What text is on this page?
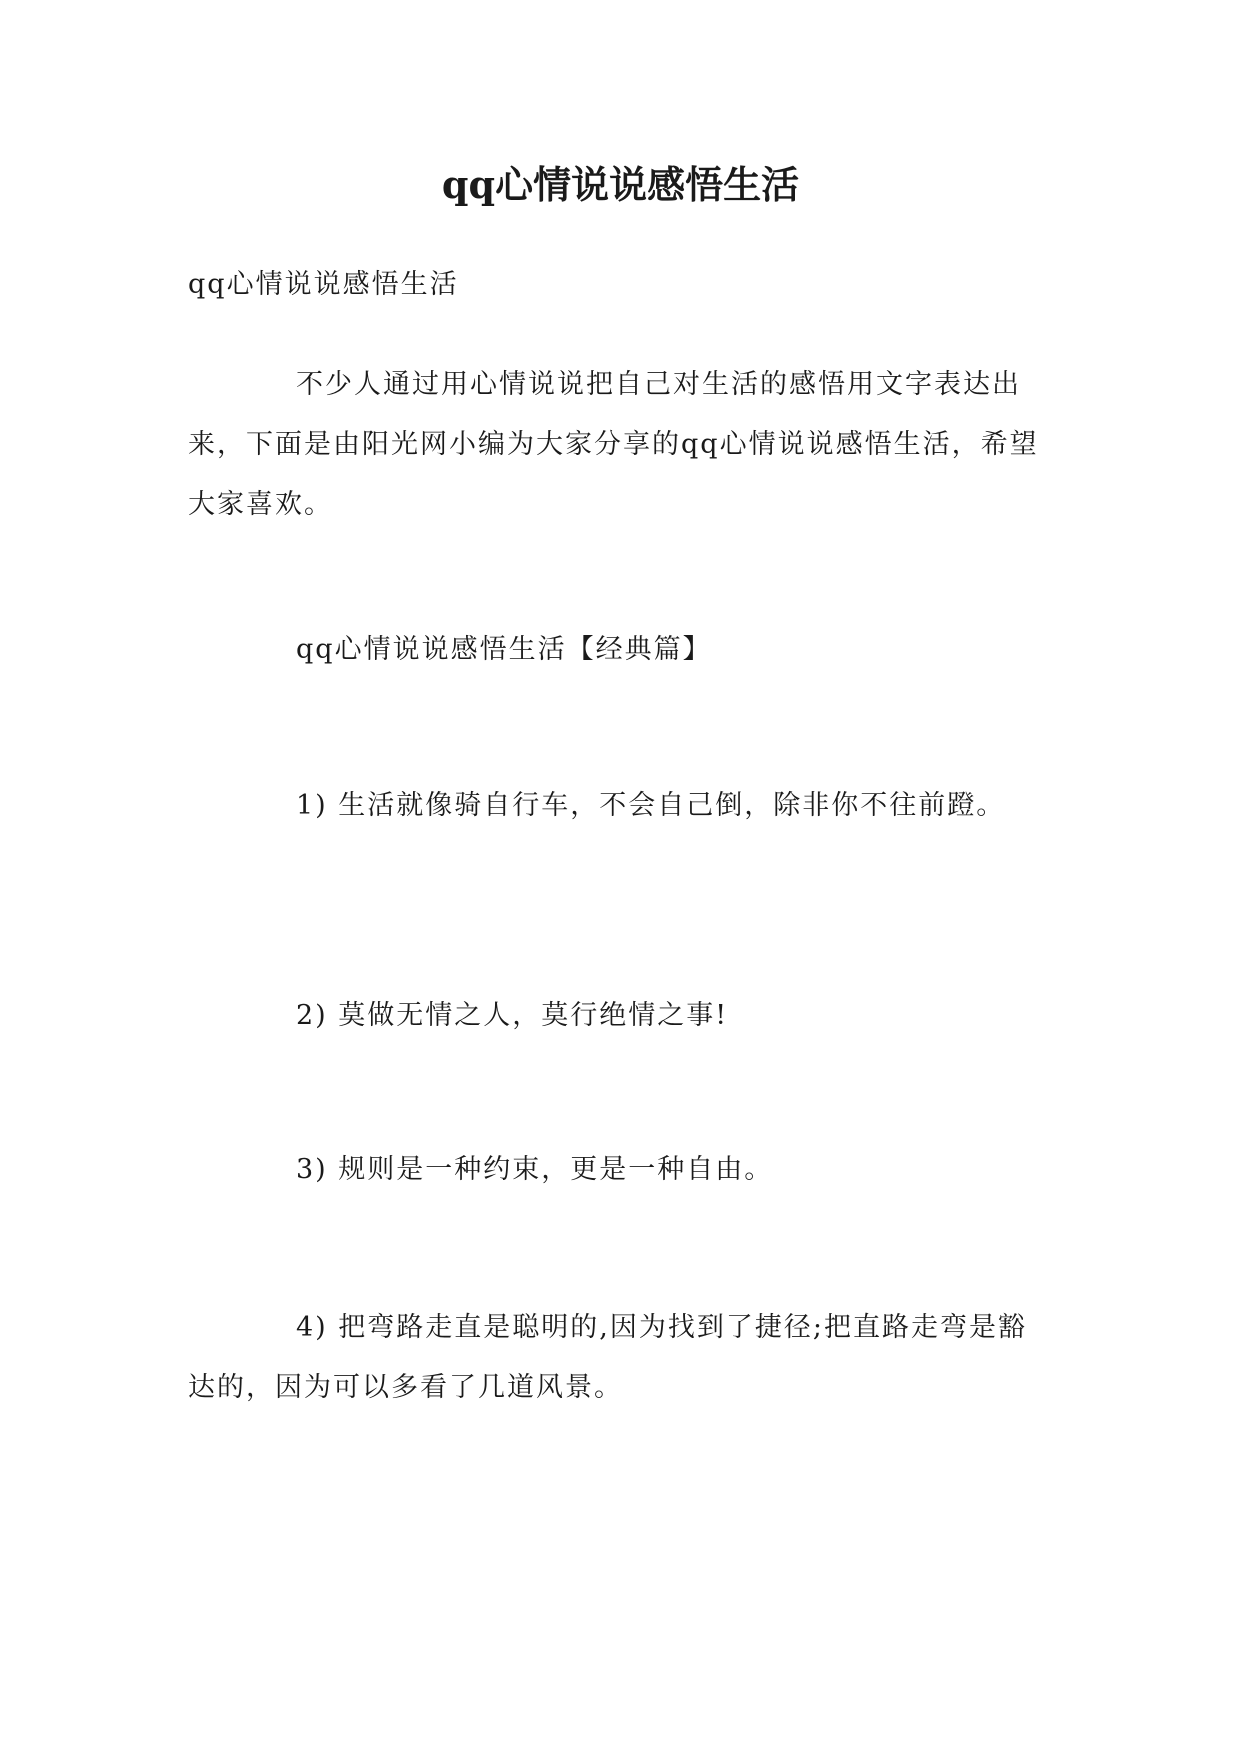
qq心情说说感悟生活

qq心情说说感悟生活

不少人通过用心情说说把自己对生活的感悟用文字表达出来，下面是由阳光网小编为大家分享的qq心情说说感悟生活，希望大家喜欢。

qq心情说说感悟生活【经典篇】

1) 生活就像骑自行车，不会自己倒，除非你不往前蹬。

2) 莫做无情之人，莫行绝情之事!

3) 规则是一种约束，更是一种自由。

4) 把弯路走直是聪明的,因为找到了捷径;把直路走弯是豁达的，因为可以多看了几道风景。
